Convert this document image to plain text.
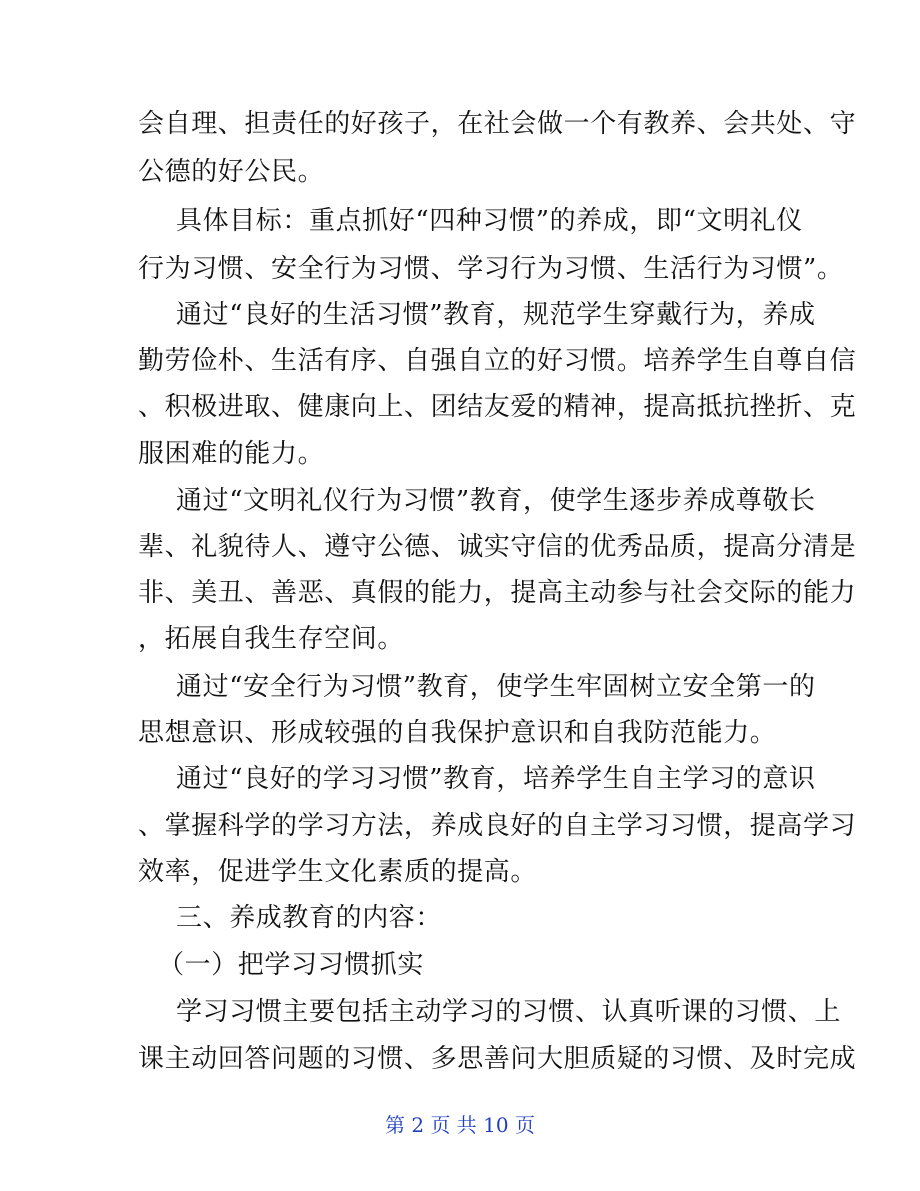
会自理、担责任的好孩子，在社会做一个有教养、会共处、守
公德的好公民。
具体目标：重点抓好“四种习惯”的养成，即“文明礼仪
行为习惯、安全行为习惯、学习行为习惯、生活行为习惯”。
通过“良好的生活习惯”教育，规范学生穿戴行为，养成
勤劳俭朴、生活有序、自强自立的好习惯。培养学生自尊自信
、积极进取、健康向上、团结友爱的精神，提高抵抗挫折、克
服困难的能力。
通过“文明礼仪行为习惯”教育，使学生逐步养成尊敬长
辈、礼貌待人、遵守公德、诚实守信的优秀品质，提高分清是
非、美丑、善恶、真假的能力，提高主动参与社会交际的能力
，拓展自我生存空间。
通过“安全行为习惯”教育，使学生牢固树立安全第一的
思想意识、形成较强的自我保护意识和自我防范能力。
通过“良好的学习习惯”教育，培养学生自主学习的意识
、掌握科学的学习方法，养成良好的自主学习习惯，提高学习
效率，促进学生文化素质的提高。
三、养成教育的内容：
（一）把学习习惯抓实
学习习惯主要包括主动学习的习惯、认真听课的习惯、上
课主动回答问题的习惯、多思善问大胆质疑的习惯、及时完成
第 2 页 共 10 页
